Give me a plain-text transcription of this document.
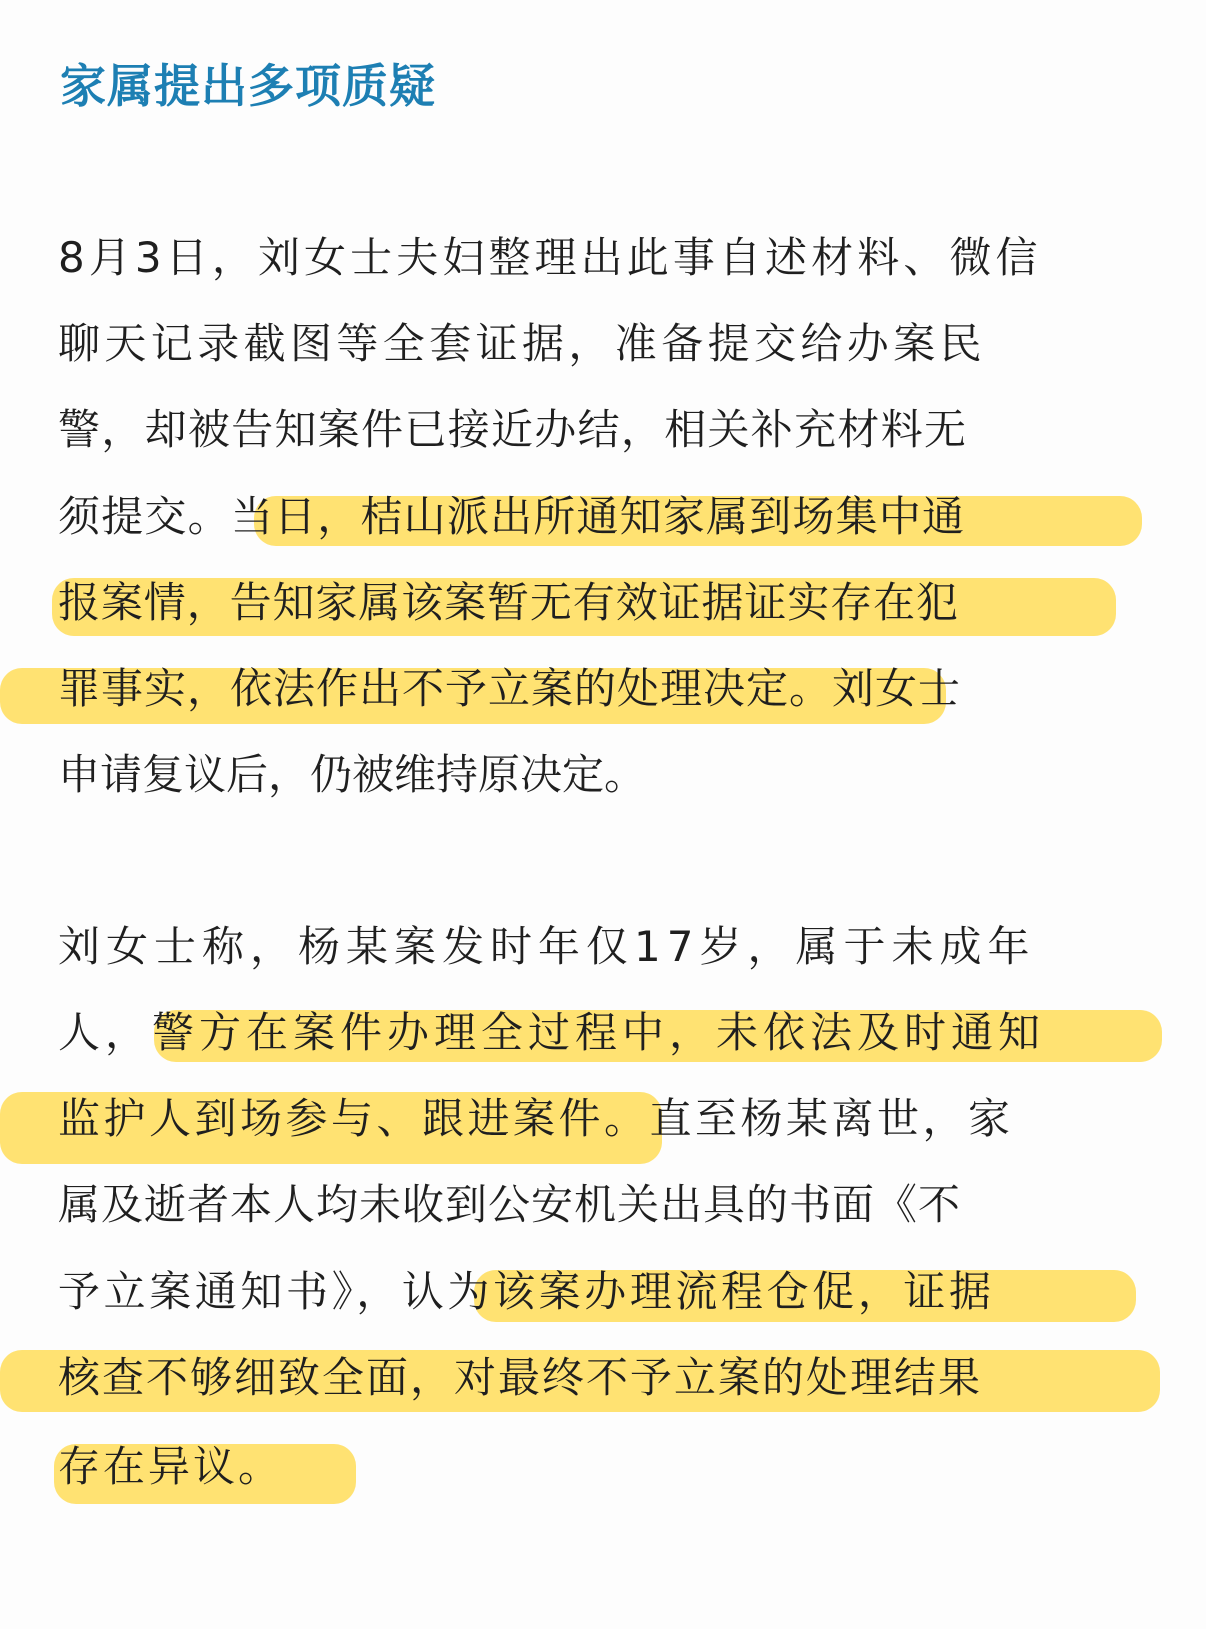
家属提出多项质疑
8月3日，刘女士夫妇整理出此事自述材料、微信
聊天记录截图等全套证据，准备提交给办案民
警，却被告知案件已接近办结，相关补充材料无
须提交。当日，桔山派出所通知家属到场集中通
报案情，告知家属该案暂无有效证据证实存在犯
罪事实，依法作出不予立案的处理决定。刘女士
申请复议后，仍被维持原决定。
刘女士称，杨某案发时年仅17岁，属于未成年
人，警方在案件办理全过程中，未依法及时通知
监护人到场参与、跟进案件。直至杨某离世，家
属及逝者本人均未收到公安机关出具的书面《不
予立案通知书》，认为该案办理流程仓促，证据
核查不够细致全面，对最终不予立案的处理结果
存在异议。
